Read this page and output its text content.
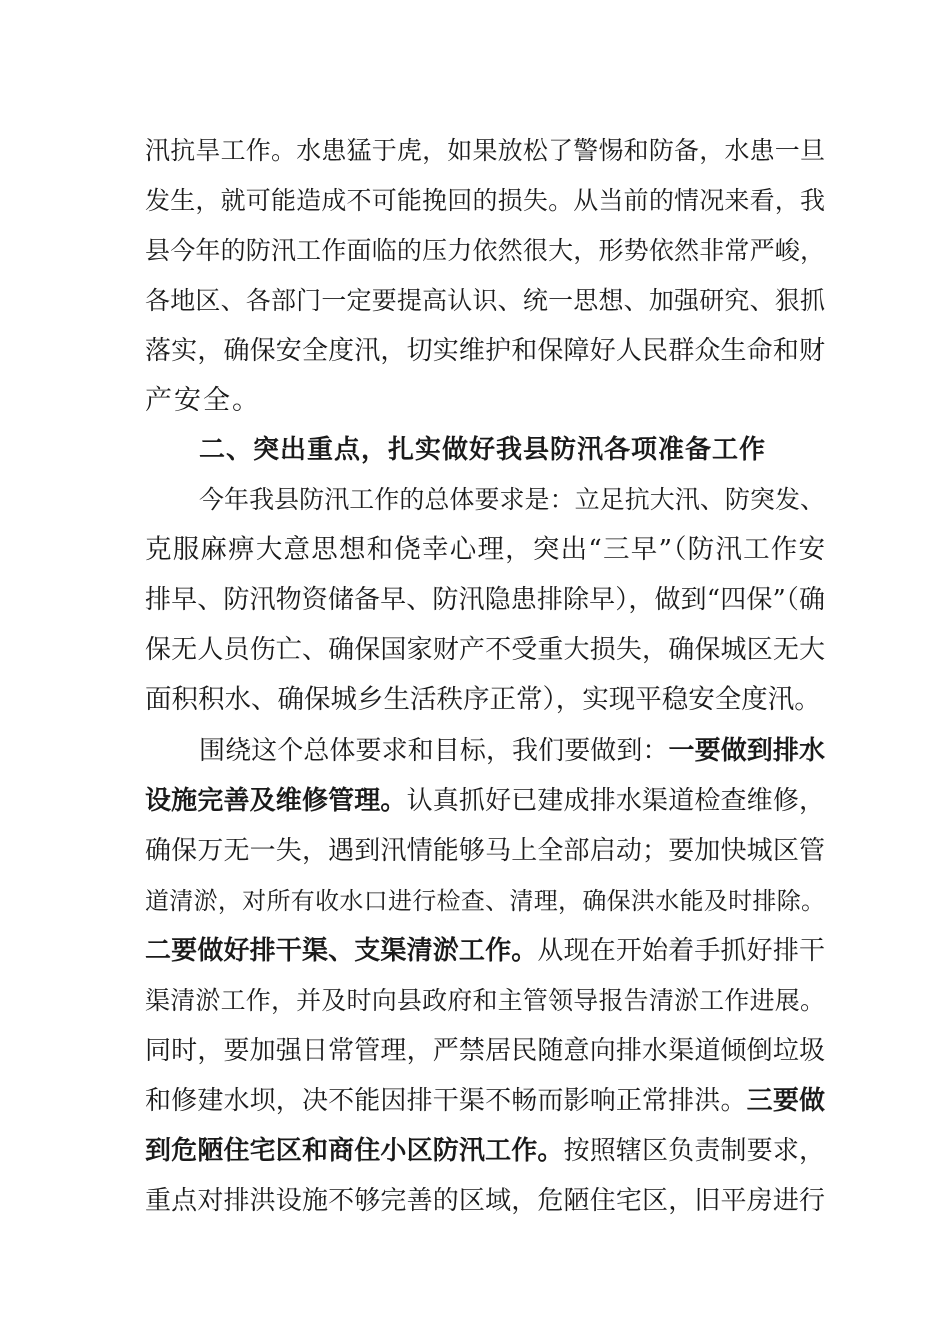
汛抗旱工作。水患猛于虎，如果放松了警惕和防备，水患一旦
发生，就可能造成不可能挽回的损失。从当前的情况来看，我
县今年的防汛工作面临的压力依然很大，形势依然非常严峻，
各地区、各部门一定要提高认识、统一思想、加强研究、狠抓
落实，确保安全度汛，切实维护和保障好人民群众生命和财
产安全。
二、突出重点，扎实做好我县防汛各项准备工作
今年我县防汛工作的总体要求是：立足抗大汛、防突发、
克服麻痹大意思想和侥幸心理，突出“三早”（防汛工作安
排早、防汛物资储备早、防汛隐患排除早），做到“四保”（确
保无人员伤亡、确保国家财产不受重大损失，确保城区无大
面积积水、确保城乡生活秩序正常），实现平稳安全度汛。
围绕这个总体要求和目标，我们要做到：一要做到排水
设施完善及维修管理。认真抓好已建成排水渠道检查维修，
确保万无一失，遇到汛情能够马上全部启动；要加快城区管
道清淤，对所有收水口进行检查、清理，确保洪水能及时排除。
二要做好排干渠、支渠清淤工作。从现在开始着手抓好排干
渠清淤工作，并及时向县政府和主管领导报告清淤工作进展。
同时，要加强日常管理，严禁居民随意向排水渠道倾倒垃圾
和修建水坝，决不能因排干渠不畅而影响正常排洪。三要做
到危陋住宅区和商住小区防汛工作。按照辖区负责制要求，
重点对排洪设施不够完善的区域，危陋住宅区，旧平房进行
